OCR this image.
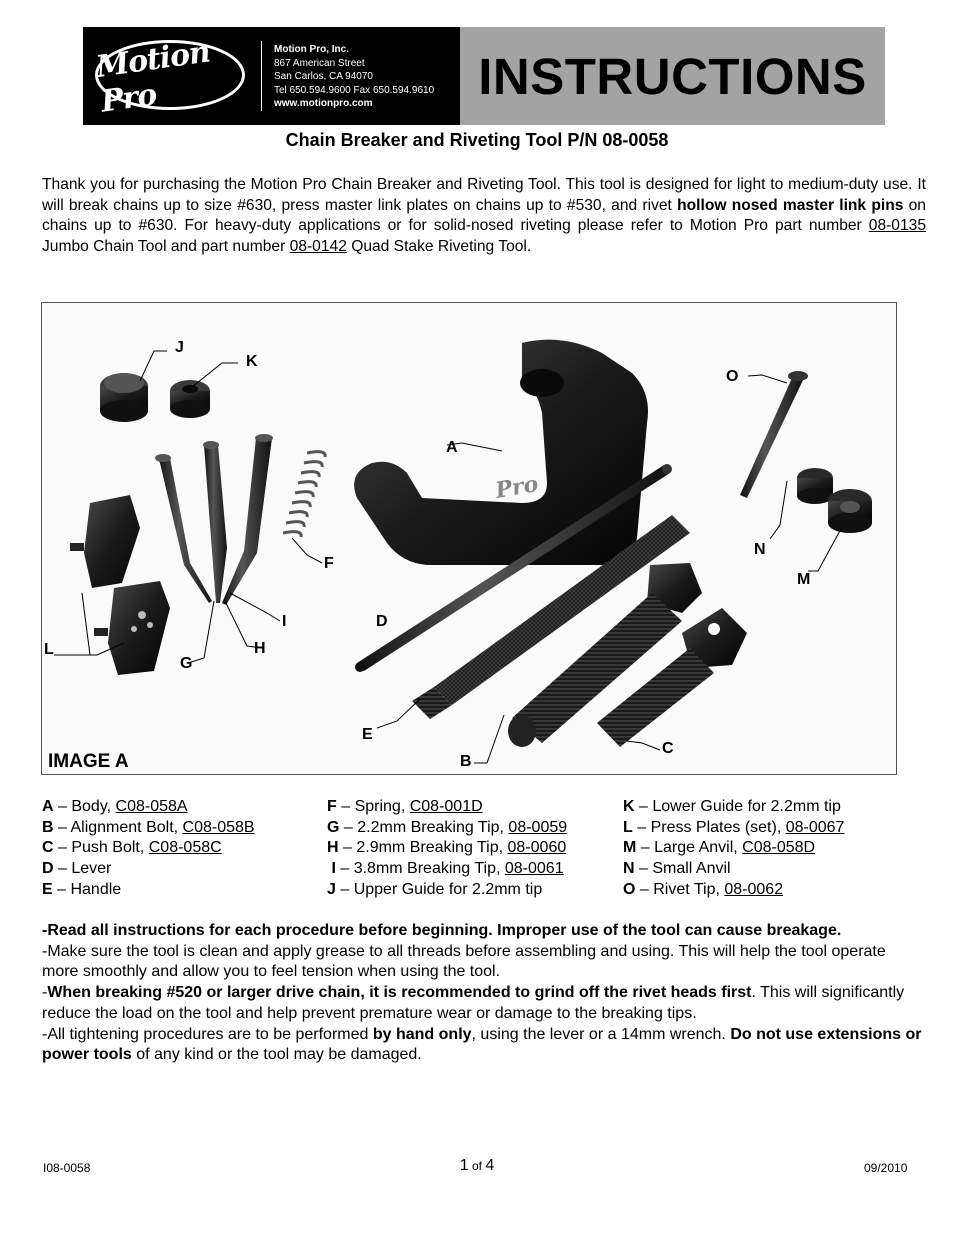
Motion Pro
Motion Pro, Inc.
867 American Street
San Carlos, CA 94070
Tel 650.594.9600 Fax 650.594.9610
www.motionpro.com	INSTRUCTIONS
Chain Breaker and Riveting Tool P/N 08-0058
Thank you for purchasing the Motion Pro Chain Breaker and Riveting Tool. This tool is designed for light to medium-duty use. It will break chains up to size #630, press master link plates on chains up to #530, and rivet hollow nosed master link pins on chains up to #630. For heavy-duty applications or for solid-nosed riveting please refer to Motion Pro part number 08-0135 Jumbo Chain Tool and part number 08-0142 Quad Stake Riveting Tool.
Pro
J
K
O
A
N
M
F
I	D
H
L
G
E
C
B
IMAGE A
A – Body, C08-058A
B – Alignment Bolt, C08-058B
C – Push Bolt, C08-058C
D – Lever
E – Handle
F – Spring, C08-001D
G – 2.2mm Breaking Tip, 08-0059
H – 2.9mm Breaking Tip, 08-0060
I – 3.8mm Breaking Tip, 08-0061
J – Upper Guide for 2.2mm tip
K – Lower Guide for 2.2mm tip
L – Press Plates (set), 08-0067
M – Large Anvil, C08-058D
N – Small Anvil
O – Rivet Tip, 08-0062
-Read all instructions for each procedure before beginning. Improper use of the tool can cause breakage.
-Make sure the tool is clean and apply grease to all threads before assembling and using. This will help the tool operate more smoothly and allow you to feel tension when using the tool.
-When breaking #520 or larger drive chain, it is recommended to grind off the rivet heads first. This will significantly reduce the load on the tool and help prevent premature wear or damage to the breaking tips.
-All tightening procedures are to be performed by hand only, using the lever or a 14mm wrench. Do not use extensions or power tools of any kind or the tool may be damaged.
I08-0058	1 of 4	09/2010
